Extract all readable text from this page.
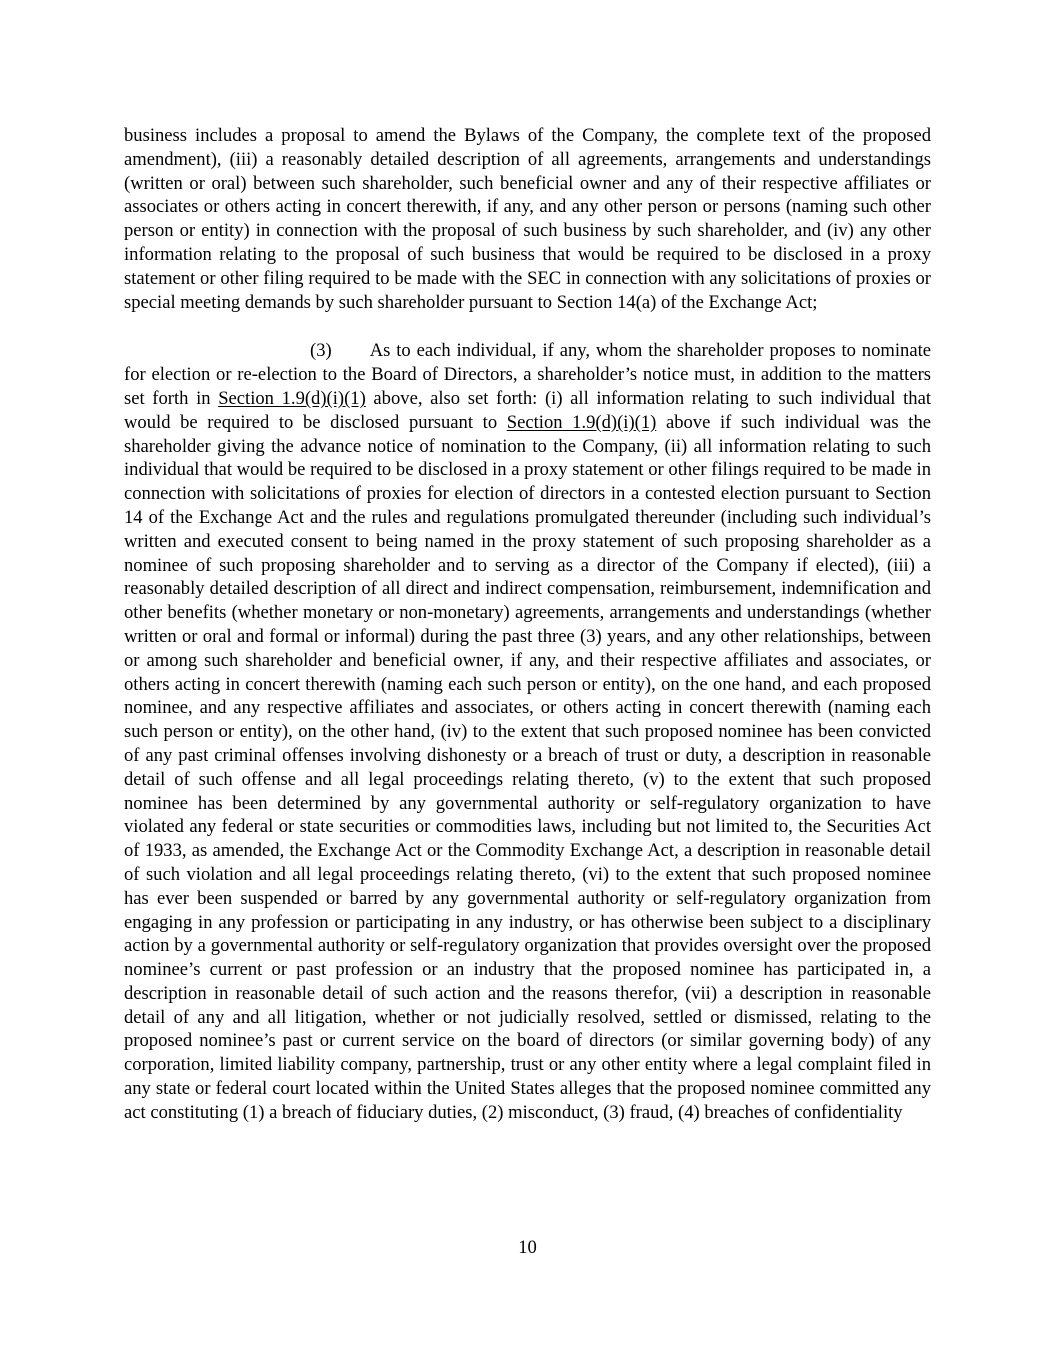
business includes a proposal to amend the Bylaws of the Company, the complete text of the proposed amendment), (iii) a reasonably detailed description of all agreements, arrangements and understandings (written or oral) between such shareholder, such beneficial owner and any of their respective affiliates or associates or others acting in concert therewith, if any, and any other person or persons (naming such other person or entity) in connection with the proposal of such business by such shareholder, and (iv) any other information relating to the proposal of such business that would be required to be disclosed in a proxy statement or other filing required to be made with the SEC in connection with any solicitations of proxies or special meeting demands by such shareholder pursuant to Section 14(a) of the Exchange Act;

(3) As to each individual, if any, whom the shareholder proposes to nominate for election or re-election to the Board of Directors, a shareholder’s notice must, in addition to the matters set forth in Section 1.9(d)(i)(1) above, also set forth: (i) all information relating to such individual that would be required to be disclosed pursuant to Section 1.9(d)(i)(1) above if such individual was the shareholder giving the advance notice of nomination to the Company, (ii) all information relating to such individual that would be required to be disclosed in a proxy statement or other filings required to be made in connection with solicitations of proxies for election of directors in a contested election pursuant to Section 14 of the Exchange Act and the rules and regulations promulgated thereunder (including such individual’s written and executed consent to being named in the proxy statement of such proposing shareholder as a nominee of such proposing shareholder and to serving as a director of the Company if elected), (iii) a reasonably detailed description of all direct and indirect compensation, reimbursement, indemnification and other benefits (whether monetary or non-monetary) agreements, arrangements and understandings (whether written or oral and formal or informal) during the past three (3) years, and any other relationships, between or among such shareholder and beneficial owner, if any, and their respective affiliates and associates, or others acting in concert therewith (naming each such person or entity), on the one hand, and each proposed nominee, and any respective affiliates and associates, or others acting in concert therewith (naming each such person or entity), on the other hand, (iv) to the extent that such proposed nominee has been convicted of any past criminal offenses involving dishonesty or a breach of trust or duty, a description in reasonable detail of such offense and all legal proceedings relating thereto, (v) to the extent that such proposed nominee has been determined by any governmental authority or self-regulatory organization to have violated any federal or state securities or commodities laws, including but not limited to, the Securities Act of 1933, as amended, the Exchange Act or the Commodity Exchange Act, a description in reasonable detail of such violation and all legal proceedings relating thereto, (vi) to the extent that such proposed nominee has ever been suspended or barred by any governmental authority or self-regulatory organization from engaging in any profession or participating in any industry, or has otherwise been subject to a disciplinary action by a governmental authority or self-regulatory organization that provides oversight over the proposed nominee’s current or past profession or an industry that the proposed nominee has participated in, a description in reasonable detail of such action and the reasons therefor, (vii) a description in reasonable detail of any and all litigation, whether or not judicially resolved, settled or dismissed, relating to the proposed nominee’s past or current service on the board of directors (or similar governing body) of any corporation, limited liability company, partnership, trust or any other entity where a legal complaint filed in any state or federal court located within the United States alleges that the proposed nominee committed any act constituting (1) a breach of fiduciary duties, (2) misconduct, (3) fraud, (4) breaches of confidentiality

10
